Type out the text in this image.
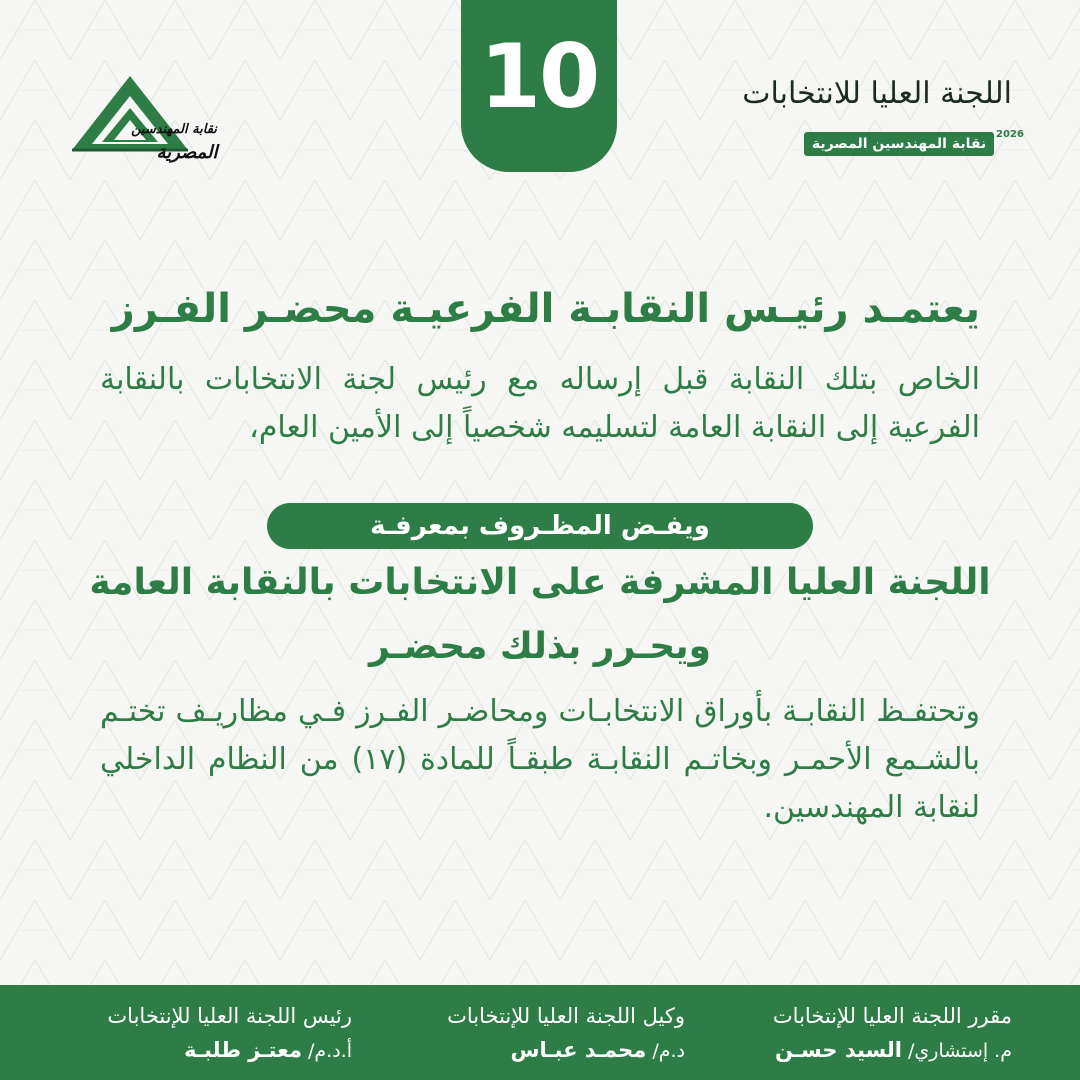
10
نقابة المهندسين
المصرية
اللجنة العليا للانتخابات
نقابة المهندسين المصرية
2026
يعتمـد رئيـس النقابـة الفرعيـة محضـر الفـرز
الخاص بتلك النقابة قبل إرساله مع رئيس لجنة الانتخابات بالنقابة الفرعية إلى النقابة العامة لتسليمه شخصياً إلى الأمين العام،
ويفـض المظـروف بمعرفـة
اللجنة العليا المشرفة على الانتخابات بالنقابة العامة
ويحـرر بذلك محضـر
وتحتفـظ النقابـة بأوراق الانتخابـات ومحاضـر الفـرز فـي مظاريـف تختـم بالشـمع الأحمـر وبخاتـم النقابـة طبقـاً للمادة (١٧) من النظام الداخلي لنقابة المهندسين.
مقرر اللجنة العليا للإنتخابات
م. إستشاري/ السيد حسـن
وكيل اللجنة العليا للإنتخابات
د.م/ محمـد عبـاس
رئيس اللجنة العليا للإنتخابات
أ.د.م/ معتـز طلبـة
